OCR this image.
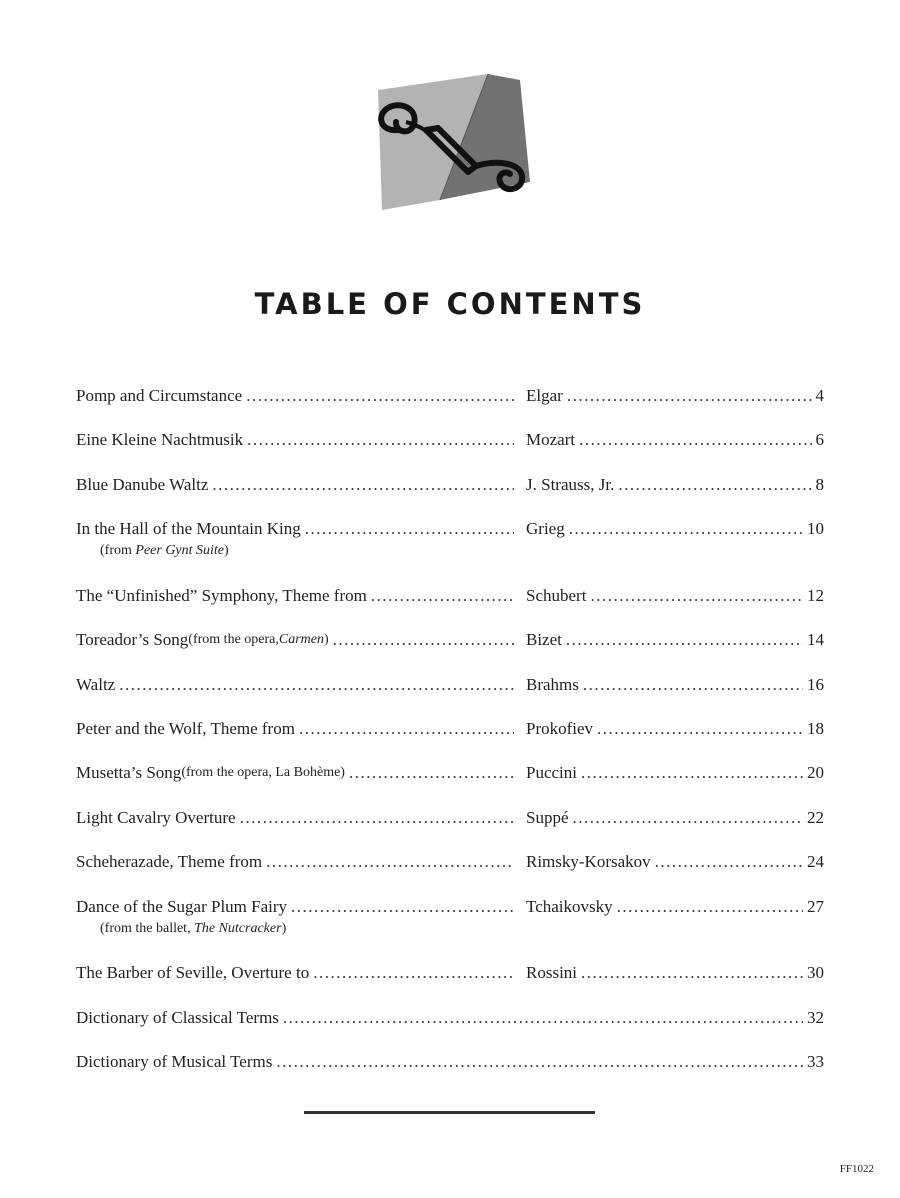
TABLE OF CONTENTS
Pomp and Circumstance .....	Elgar .....	4
Eine Kleine Nachtmusik .....	Mozart .....	6
Blue Danube Waltz .....	J. Strauss, Jr. .....	8
In the Hall of the Mountain King .....	Grieg .....	10
(from Peer Gynt Suite)
The “Unfinished” Symphony, Theme from .....	Schubert .....	12
Toreador’s Song (from the opera, Carmen ) .....	Bizet .....	14
Waltz .....	Brahms .....	16
Peter and the Wolf, Theme from .....	Prokofiev .....	18
Musetta’s Song (from the opera, La Bohème) .....	Puccini .....	20
Light Cavalry Overture .....	Suppé .....	22
Scheherazade, Theme from .....	Rimsky-Korsakov .....	24
Dance of the Sugar Plum Fairy .....	Tchaikovsky .....	27
(from the ballet, The Nutcracker)
The Barber of Seville, Overture to .....	Rossini .....	30
Dictionary of Classical Terms .....	32
Dictionary of Musical Terms .....	33
FF1022
